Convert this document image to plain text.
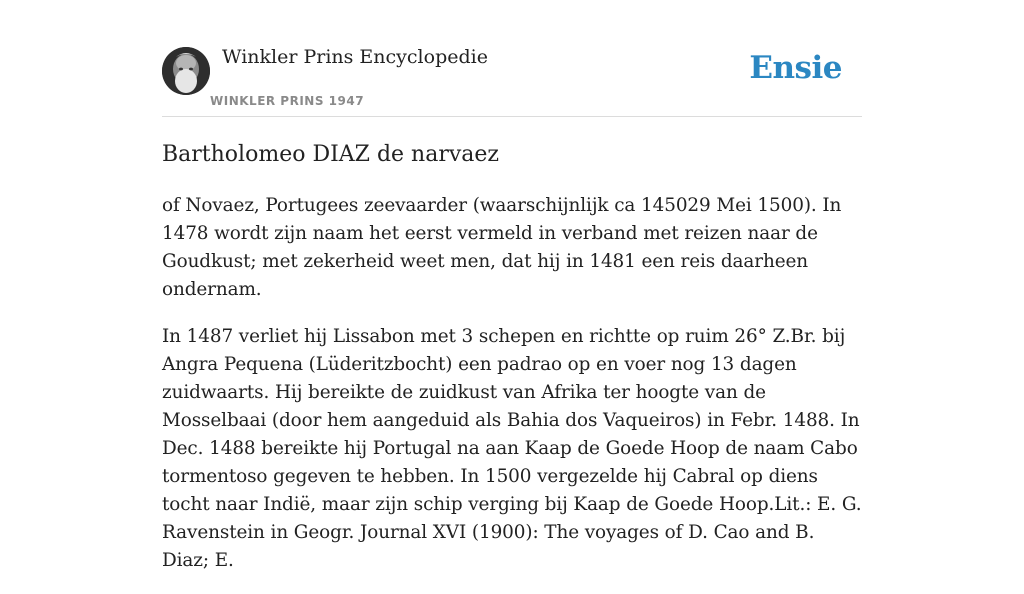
Winkler Prins Encyclopedie
WINKLER PRINS 1947
Ensie
Bartholomeo DIAZ de narvaez

of Novaez, Portugees zeevaarder (waarschijnlijk ca 145029 Mei 1500). In 1478 wordt zijn naam het eerst vermeld in verband met reizen naar de Goudkust; met zekerheid weet men, dat hij in 1481 een reis daarheen ondernam.

In 1487 verliet hij Lissabon met 3 schepen en richtte op ruim 26° Z.Br. bij Angra Pequena (Lüderitzbocht) een padrao op en voer nog 13 dagen zuidwaarts. Hij bereikte de zuidkust van Afrika ter hoogte van de Mosselbaai (door hem aangeduid als Bahia dos Vaqueiros) in Febr. 1488. In Dec. 1488 bereikte hij Portugal na aan Kaap de Goede Hoop de naam Cabo tormentoso gegeven te hebben. In 1500 vergezelde hij Cabral op diens tocht naar Indië, maar zijn schip verging bij Kaap de Goede Hoop.Lit.: E. G. Ravenstein in Geogr. Journal XVI (1900): The voyages of D. Cao and B. Diaz; E.
